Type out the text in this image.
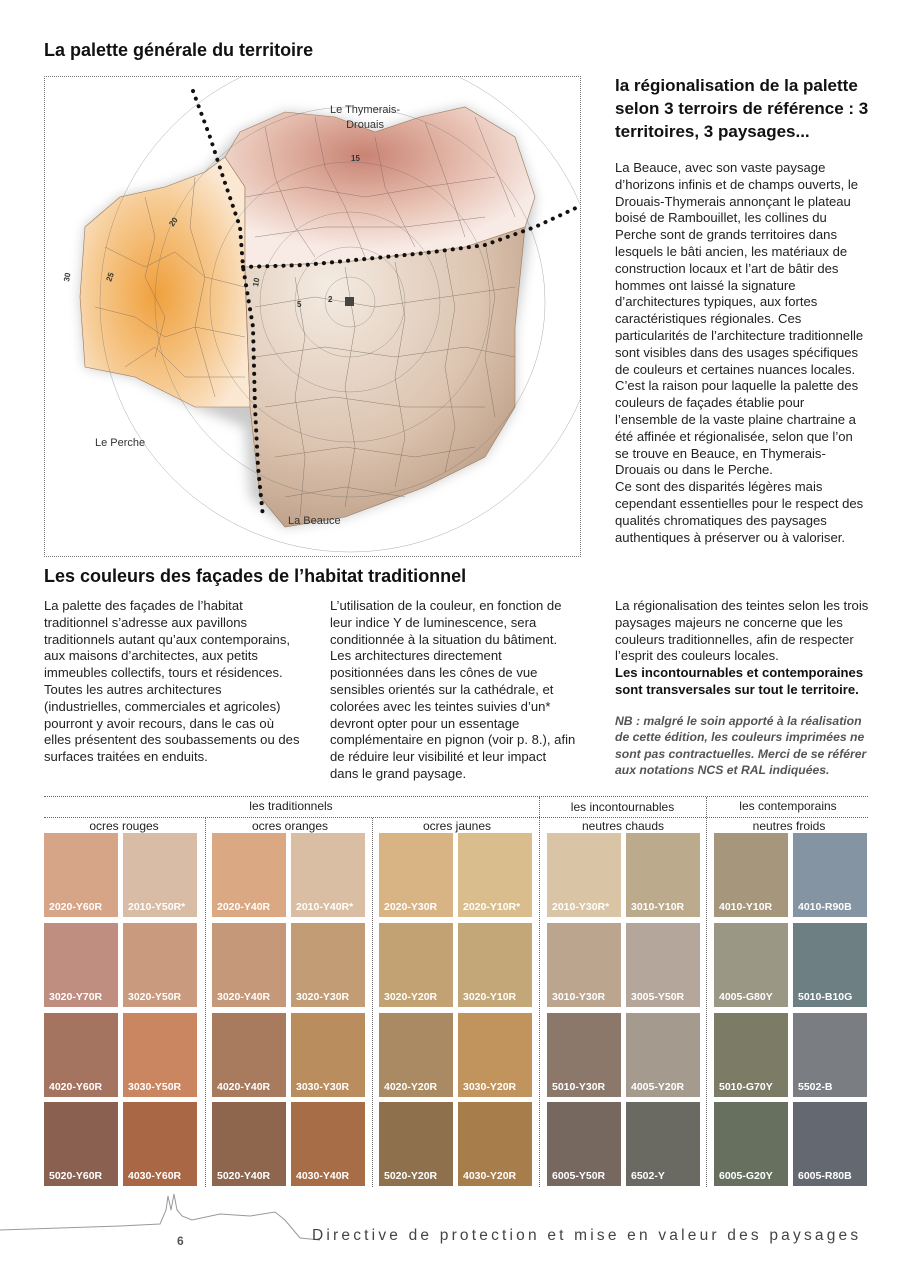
La palette générale du territoire
15
20
25
30	10
5
2
Le Thymerais-
Drouais
Le Perche
La Beauce
la régionalisation de la palette selon 3 terroirs de référence : 3 territoires, 3 paysages...
La Beauce, avec son vaste paysage d’horizons infinis et de champs ouverts, le Drouais-Thymerais annonçant le plateau boisé de Rambouillet, les collines du Perche sont de grands territoires dans lesquels le bâti ancien, les matériaux de construction locaux et l’art de bâtir des hommes ont laissé la signature d’architectures typiques, aux fortes caractéristiques régionales. Ces particularités de l’architecture traditionnelle sont visibles dans des usages spécifiques de couleurs et certaines nuances locales.
C’est la raison pour laquelle la palette des couleurs de façades établie pour l’ensemble de la vaste plaine chartraine a été affinée et régionalisée, selon que l’on se trouve en Beauce, en Thymerais-Drouais ou dans le Perche.
Ce sont des disparités légères mais cependant essentielles pour le respect des qualités chromatiques des paysages authentiques à préserver ou à valoriser.
Les couleurs des façades de l’habitat traditionnel
La palette des façades de l’habitat traditionnel s’adresse aux pavillons traditionnels autant qu’aux contemporains, aux maisons d’architectes, aux petits immeubles collectifs, tours et résidences.
Toutes les autres architectures (industrielles, commerciales et agricoles) pourront y avoir recours, dans le cas où elles présentent des soubassements ou des surfaces traitées en enduits.
L’utilisation de la couleur, en fonction de leur indice Y de luminescence, sera conditionnée à la situation du bâtiment. Les architectures directement positionnées dans les cônes de vue sensibles orientés sur la cathédrale, et colorées avec les teintes suivies d’un* devront opter pour un essentage complémentaire en pignon (voir p. 8.), afin de réduire leur visibilité et leur impact dans le grand paysage.
La régionalisation des teintes selon les trois paysages majeurs ne concerne que les couleurs traditionnelles, afin de respecter l’esprit des couleurs locales.
Les incontournables et contemporaines sont transversales sur tout le territoire.
NB : malgré le soin apporté à la réalisation de cette édition, les couleurs imprimées ne sont pas contractuelles. Merci de se référer aux notations NCS et RAL indiquées.
les traditionnels	les incontournables	les contemporains
ocres rouges	ocres oranges	ocres jaunes	neutres chauds	neutres froids
2020-Y60R 2010-Y50R*	2020-Y40R 2010-Y40R*	2020-Y30R 2020-Y10R*	2010-Y30R* 3010-Y10R	4010-Y10R 4010-R90B
3020-Y70R 3020-Y50R	3020-Y40R 3020-Y30R	3020-Y20R 3020-Y10R	3010-Y30R 3005-Y50R	4005-G80Y 5010-B10G
4020-Y60R 3030-Y50R	4020-Y40R 3030-Y30R	4020-Y20R 3030-Y20R	5010-Y30R 4005-Y20R	5010-G70Y 5502-B
5020-Y60R 4030-Y60R	5020-Y40R 4030-Y40R	5020-Y20R 4030-Y20R	6005-Y50R 6502-Y	6005-G20Y 6005-R80B
6	Directive de protection et mise en valeur des paysages
